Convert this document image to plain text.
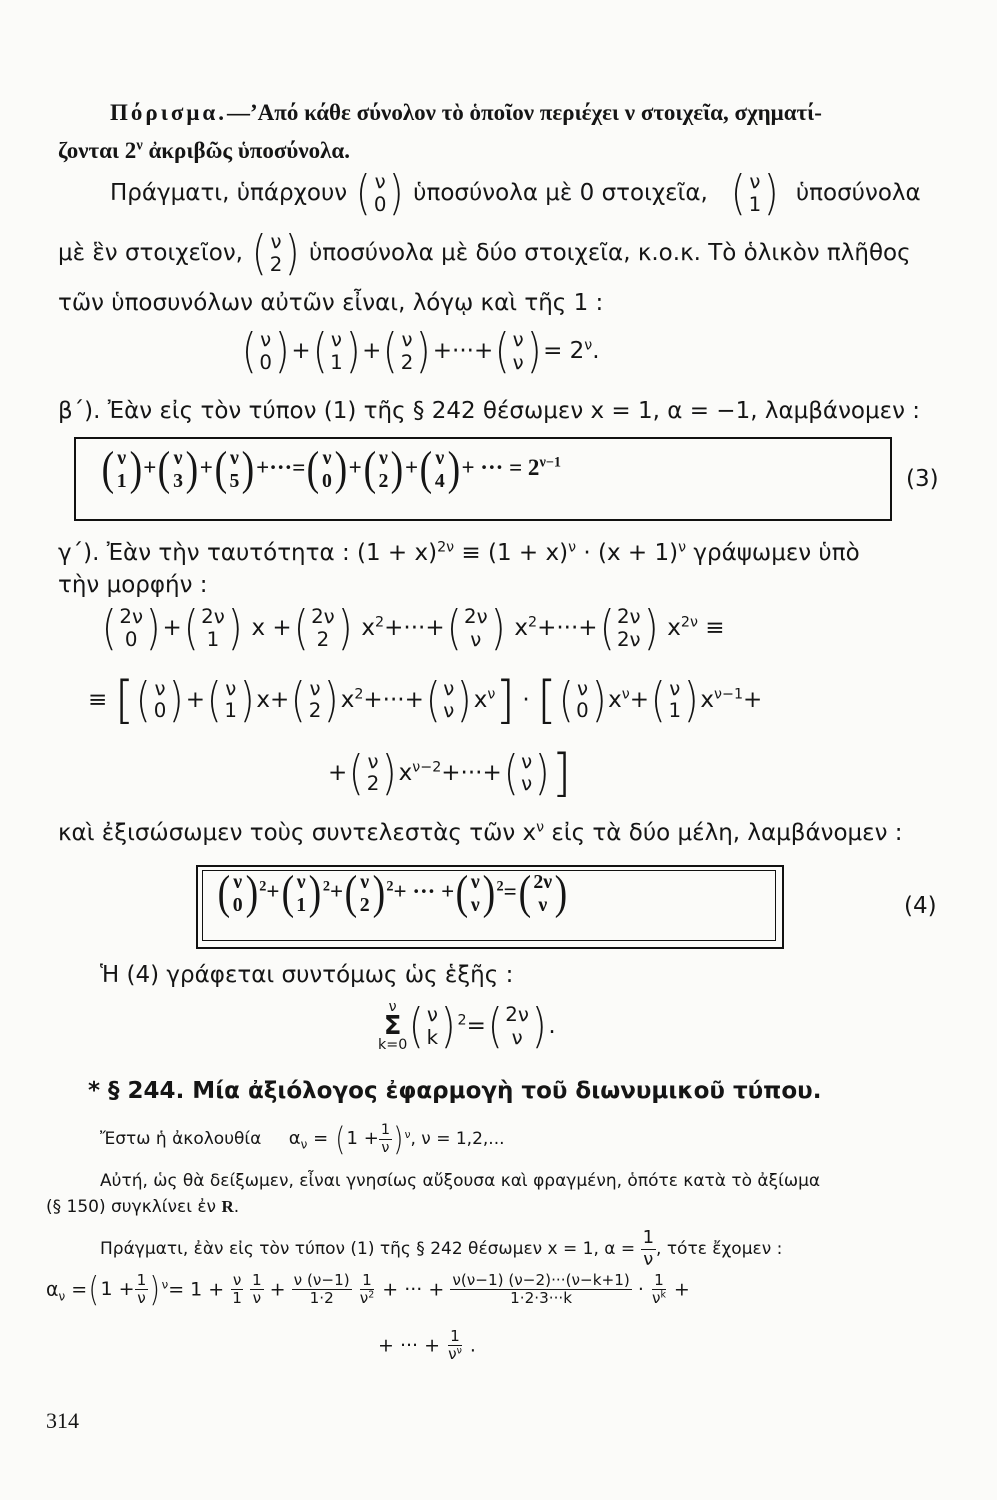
Πόρισμα.—’Από κάθε σύνολον τὸ ὁποῖον περιέχει ν στοιχεῖα, σχηματί-
ζονται $2^\nu$ ἀκριβῶς ὑποσύνολα.
Πράγματι, ὑπάρχουν ( ν
0 ) ὑποσύνολα μὲ 0 στοιχεῖα, ( ν
1 ) ὑποσύνολα
μὲ ἓν στοιχεῖον, ( ν
2 ) ὑποσύνολα μὲ δύο στοιχεῖα, κ.ο.κ. Τὸ ὁλικὸν πλῆθος
τῶν ὑποσυνόλων αὐτῶν εἶναι, λόγῳ καὶ τῆς 1 :
( ν
0 ) + ( ν
1 ) + ( ν
2 ) +···+ ( ν
ν ) = $2^\nu$.
β΄). Ἐὰν εἰς τὸν τύπον (1) τῆς § 242 θέσωμεν x = 1, α = −1, λαμβάνομεν :
( ν
1 ) + ( ν
3 ) + ( ν
5 ) +···= ( ν
0 ) + ( ν
2 ) + ( ν
4 ) + ··· = $2^{\nu-1}$
(3)
γ΄). Ἐὰν τὴν ταυτότητα : $(1 + x)^{2\nu} \equiv (1 + x)^\nu \cdot (x + 1)^\nu$ γράψωμεν ὑπὸ
τὴν μορφήν :
( 2ν
0 ) + ( 2ν
1 ) x + ( 2ν
2 ) $x^2+\cdot\cdot\cdot+$ ( 2ν
ν ) $x^2+\cdot\cdot\cdot+$ ( 2ν
2ν ) $x^{2\nu}$ ≡
≡ [ ( ν
0 ) + ( ν
1 ) x+ ( ν
2 ) $x^2+\cdot\cdot\cdot+$ ( ν
ν ) $x^\nu$] · [ ( ν
0 ) $x^\nu+$ ( ν
1 ) $x^{\nu-1}+$
+ ( ν
2 ) $x^{\nu-2}+\cdot\cdot\cdot+$ ( ν
ν ) ]
καὶ ἐξισώσωμεν τοὺς συντελεστὰς τῶν $x^\nu$ εἰς τὰ δύο μέλη, λαμβάνομεν :
( ν
0 ) $^2$+ ( ν
1 ) $^2$+ ( ν
2 ) $^2$+ ··· + ( ν
ν ) $^2$= ( 2ν
ν )	(4)
Ἡ (4) γράφεται συντόμως ὡς ἑξῆς :
ν
Σ
k=0 ( ν
k ) $^2$= ( 2ν
ν ) .
* § 244. Μία ἀξιόλογος ἐφαρμογὴ τοῦ διωνυμικοῦ τύπου.
Ἔστω ἡ ἀκολουθία $\alpha_\nu$ = ( 1 + 1
ν ) $^\nu$, ν = 1,2,...
Αὐτή, ὡς θὰ δείξωμεν, εἶναι γνησίως αὔξουσα καὶ φραγμένη, ὁπότε κατὰ τὸ ἀξίωμα
(§ 150) συγκλίνει ἐν R.
Πράγματι, ἐὰν εἰς τὸν τύπον (1) τῆς § 242 θέσωμεν x = 1, $\alpha = \frac{1}{\nu}$ , τότε ἔχομεν :
$\alpha_\nu$ = ( 1 + 1
ν ) $^\nu= 1 + \frac{\nu}{1}$
$\frac{1}{\nu} + \frac{\nu (\nu-1)}{1\cdot 2}$
$\frac{1}{\nu^2}$ + ··· + $\frac{\nu(\nu-1) (\nu-2)\cdot\cdot\cdot(\nu-k+1)}{1\cdot 2\cdot 3\cdot\cdot\cdot k} \cdot \frac{1}{\nu^k}$ +
+ ··· + $\frac{1}{\nu^\nu}$ .
314
